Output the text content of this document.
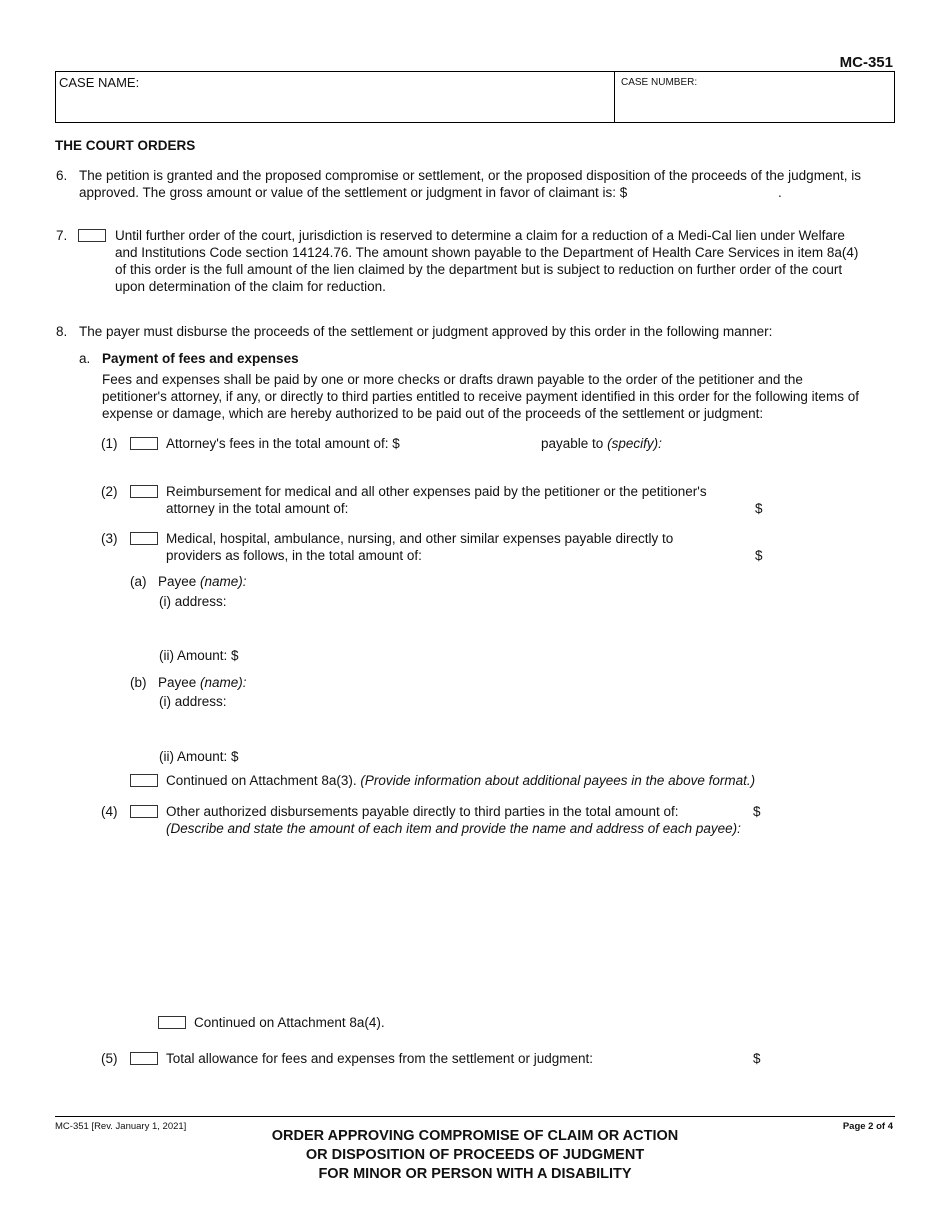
MC-351
CASE NAME:	CASE NUMBER:
THE COURT ORDERS
6. The petition is granted and the proposed compromise or settlement, or the proposed disposition of the proceeds of the judgment, is
approved. The gross amount or value of the settlement or judgment in favor of claimant is: $	.
7.	Until further order of the court, jurisdiction is reserved to determine a claim for a reduction of a Medi-Cal lien under Welfare
and Institutions Code section 14124.76. The amount shown payable to the Department of Health Care Services in item 8a(4)
of this order is the full amount of the lien claimed by the department but is subject to reduction on further order of the court
upon determination of the claim for reduction.
8. The payer must disburse the proceeds of the settlement or judgment approved by this order in the following manner:
a. Payment of fees and expenses
Fees and expenses shall be paid by one or more checks or drafts drawn payable to the order of the petitioner and the
petitioner's attorney, if any, or directly to third parties entitled to receive payment identified in this order for the following items of
expense or damage, which are hereby authorized to be paid out of the proceeds of the settlement or judgment:
(1)	Attorney's fees in the total amount of: $	payable to (specify):
(2)	Reimbursement for medical and all other expenses paid by the petitioner or the petitioner's
attorney in the total amount of:	$
(3)	Medical, hospital, ambulance, nursing, and other similar expenses payable directly to
providers as follows, in the total amount of:	$
(a) Payee (name):
(i) address:
(ii) Amount: $
(b) Payee (name):
(i) address:
(ii) Amount: $
Continued on Attachment 8a(3). (Provide information about additional payees in the above format.)
(4)	Other authorized disbursements payable directly to third parties in the total amount of:	$
(Describe and state the amount of each item and provide the name and address of each payee):
Continued on Attachment 8a(4).
(5)	Total allowance for fees and expenses from the settlement or judgment:	$
MC-351 [Rev. January 1, 2021]	Page 2 of 4
ORDER APPROVING COMPROMISE OF CLAIM OR ACTION
OR DISPOSITION OF PROCEEDS OF JUDGMENT
FOR MINOR OR PERSON WITH A DISABILITY
